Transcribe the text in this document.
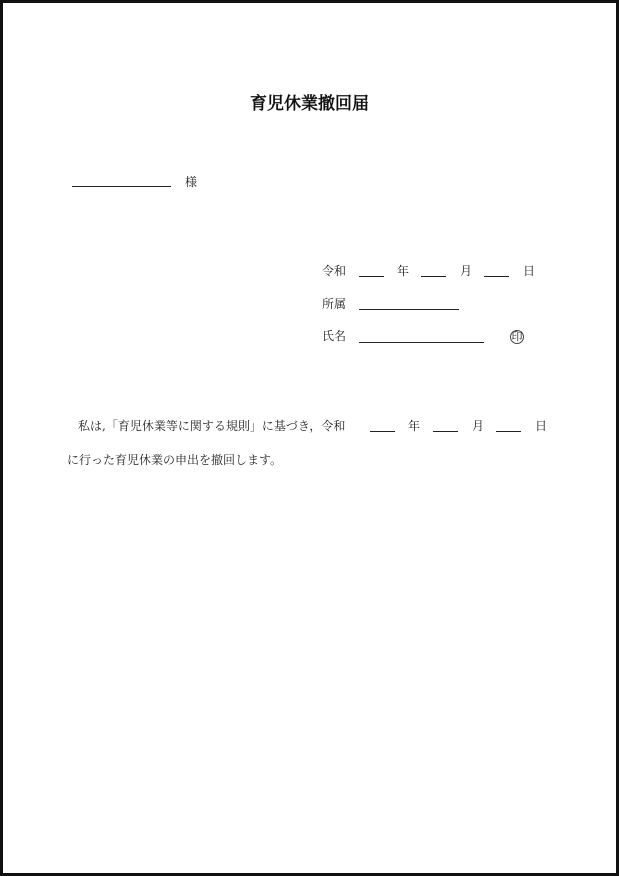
育児休業撤回届
様
令和	年	月	日
所属
氏名	印
私は,「育児休業等に関する規則」に基づき，令和	年	月	日
に行った育児休業の申出を撤回します。
